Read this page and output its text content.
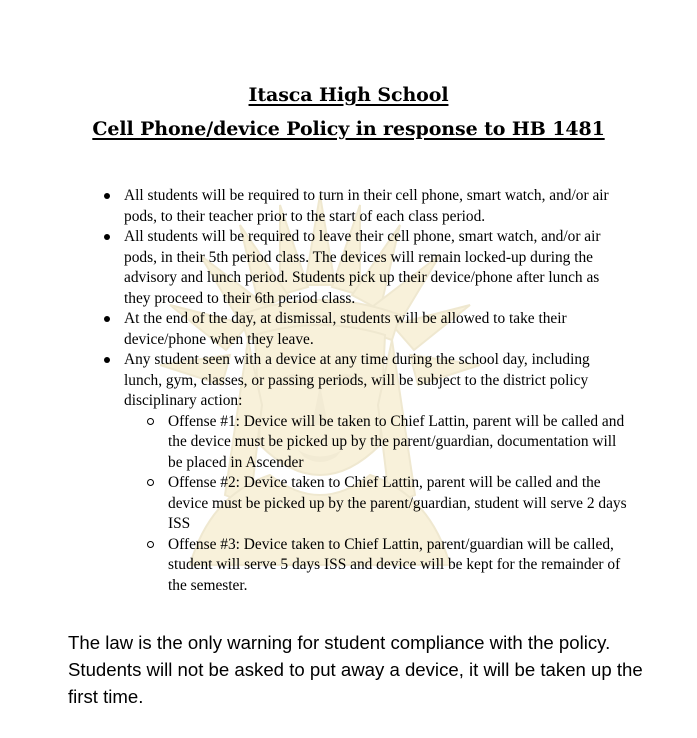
Itasca High School
Cell Phone/device Policy in response to HB 1481
All students will be required to turn in their cell phone, smart watch, and/or air pods, to their teacher prior to the start of each class period.
All students will be required to leave their cell phone, smart watch, and/or air pods, in their 5th period class. The devices will remain locked-up during the advisory and lunch period. Students pick up their device/phone after lunch as they proceed to their 6th period class.
At the end of the day, at dismissal, students will be allowed to take their device/phone when they leave.
Any student seen with a device at any time during the school day, including lunch, gym, classes, or passing periods, will be subject to the district policy disciplinary action:
Offense #1: Device will be taken to Chief Lattin, parent will be called and the device must be picked up by the parent/guardian, documentation will be placed in Ascender
Offense #2: Device taken to Chief Lattin, parent will be called and the device must be picked up by the parent/guardian, student will serve 2 days ISS
Offense #3: Device taken to Chief Lattin, parent/guardian will be called, student will serve 5 days ISS and device will be kept for the remainder of the semester.

The law is the only warning for student compliance with the policy. Students will not be asked to put away a device, it will be taken up the first time.
